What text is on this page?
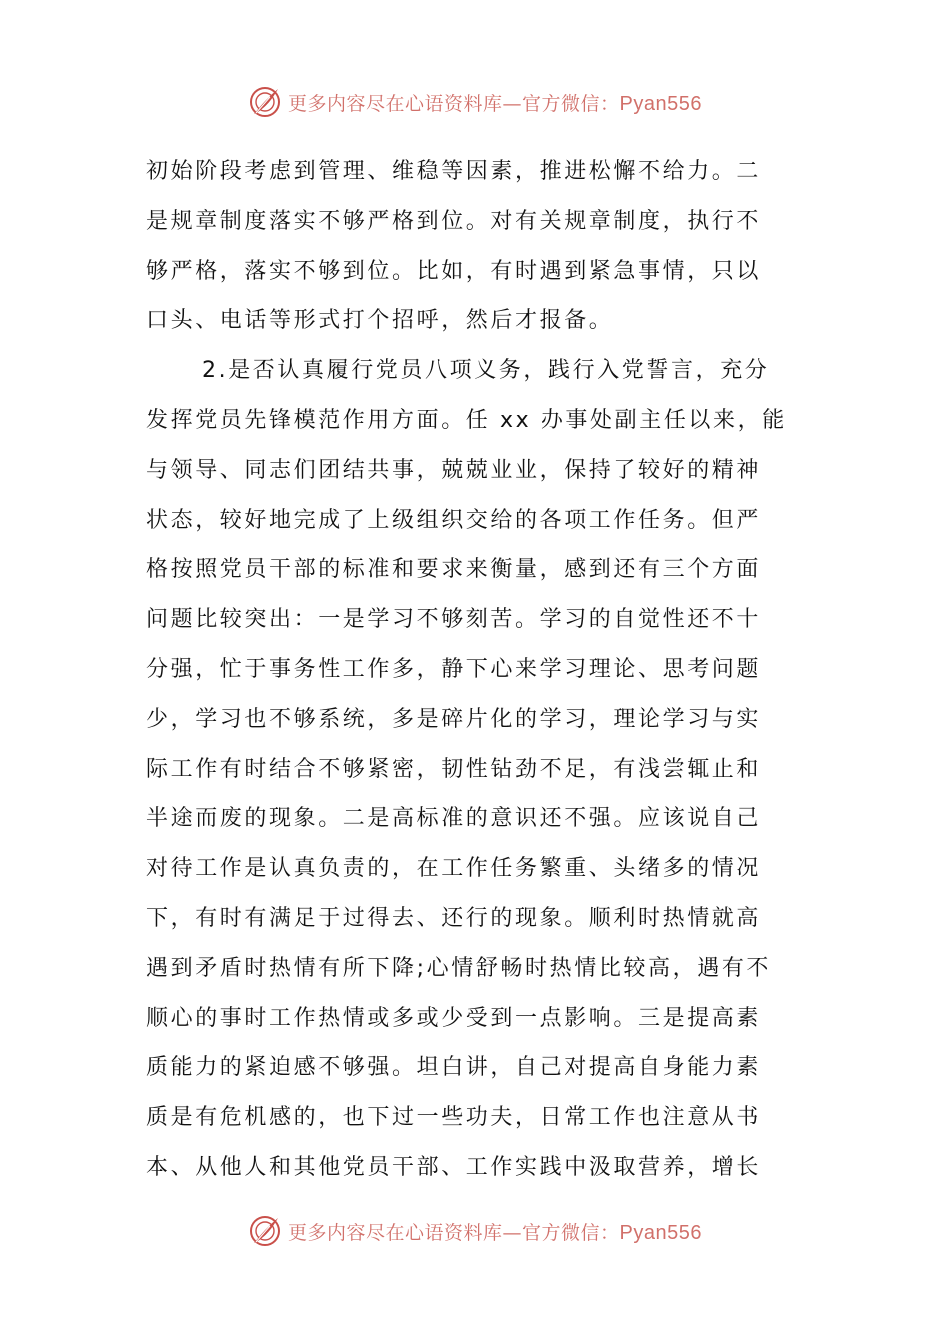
更多内容尽在心语资料库—官方微信：Pyan556
初始阶段考虑到管理、维稳等因素，推进松懈不给力。二
是规章制度落实不够严格到位。对有关规章制度，执行不
够严格，落实不够到位。比如，有时遇到紧急事情，只以
口头、电话等形式打个招呼，然后才报备。
2.是否认真履行党员八项义务，践行入党誓言，充分
发挥党员先锋模范作用方面。任 xx 办事处副主任以来，能
与领导、同志们团结共事，兢兢业业，保持了较好的精神
状态，较好地完成了上级组织交给的各项工作任务。但严
格按照党员干部的标准和要求来衡量，感到还有三个方面
问题比较突出：一是学习不够刻苦。学习的自觉性还不十
分强，忙于事务性工作多，静下心来学习理论、思考问题
少，学习也不够系统，多是碎片化的学习，理论学习与实
际工作有时结合不够紧密，韧性钻劲不足，有浅尝辄止和
半途而废的现象。二是高标准的意识还不强。应该说自己
对待工作是认真负责的，在工作任务繁重、头绪多的情况
下，有时有满足于过得去、还行的现象。顺利时热情就高
遇到矛盾时热情有所下降;心情舒畅时热情比较高，遇有不
顺心的事时工作热情或多或少受到一点影响。三是提高素
质能力的紧迫感不够强。坦白讲，自己对提高自身能力素
质是有危机感的，也下过一些功夫，日常工作也注意从书
本、从他人和其他党员干部、工作实践中汲取营养，增长
更多内容尽在心语资料库—官方微信：Pyan556
